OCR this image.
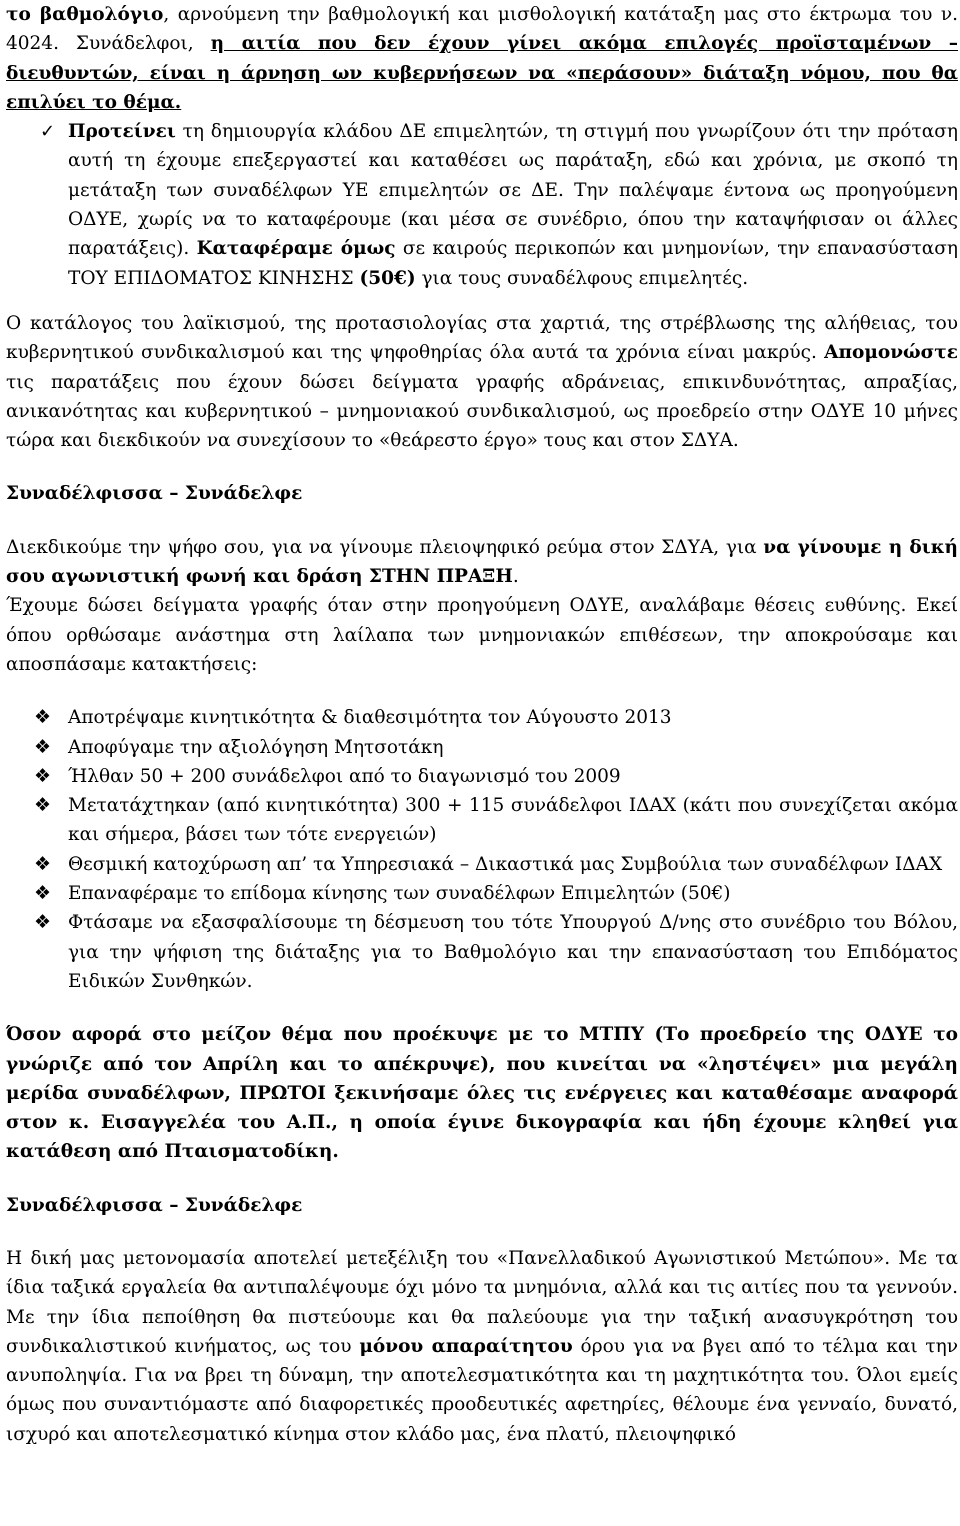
το βαθμολόγιο, αρνούμενη την βαθμολογική και μισθολογική κατάταξη μας στο έκτρωμα του ν. 4024. Συνάδελφοι, η αιτία που δεν έχουν γίνει ακόμα επιλογές προϊσταμένων – διευθυντών, είναι η άρνηση ων κυβερνήσεων να «περάσουν» διάταξη νόμου, που θα επιλύει το θέμα.

✓ Προτείνει τη δημιουργία κλάδου ΔΕ επιμελητών, τη στιγμή που γνωρίζουν ότι την πρόταση αυτή τη έχουμε επεξεργαστεί και καταθέσει ως παράταξη, εδώ και χρόνια, με σκοπό τη μετάταξη των συναδέλφων ΥΕ επιμελητών σε ΔΕ. Την παλέψαμε έντονα ως προηγούμενη ΟΔΥΕ, χωρίς να το καταφέρουμε (και μέσα σε συνέδριο, όπου την καταψήφισαν οι άλλες παρατάξεις). Καταφέραμε όμως σε καιρούς περικοπών και μνημονίων, την επανασύσταση ΤΟΥ ΕΠΙΔΟΜΑΤΟΣ ΚΙΝΗΣΗΣ (50€) για τους συναδέλφους επιμελητές.

Ο κατάλογος του λαϊκισμού, της προτασιολογίας στα χαρτιά, της στρέβλωσης της αλήθειας, του κυβερνητικού συνδικαλισμού και της ψηφοθηρίας όλα αυτά τα χρόνια είναι μακρύς. Απομονώστε τις παρατάξεις που έχουν δώσει δείγματα γραφής αδράνειας, επικινδυνότητας, απραξίας, ανικανότητας και κυβερνητικού – μνημονιακού συνδικαλισμού, ως προεδρείο στην ΟΔΥΕ 10 μήνες τώρα και διεκδικούν να συνεχίσουν το «θεάρεστο έργο» τους και στον ΣΔΥΑ.

Συναδέλφισσα – Συνάδελφε

Διεκδικούμε την ψήφο σου, για να γίνουμε πλειοψηφικό ρεύμα στον ΣΔΥΑ, για να γίνουμε η δική σου αγωνιστική φωνή και δράση ΣΤΗΝ ΠΡΑΞΗ.

Έχουμε δώσει δείγματα γραφής όταν στην προηγούμενη ΟΔΥΕ, αναλάβαμε θέσεις ευθύνης. Εκεί όπου ορθώσαμε ανάστημα στη λαίλαπα των μνημονιακών επιθέσεων, την αποκρούσαμε και αποσπάσαμε κατακτήσεις:

❖ Αποτρέψαμε κινητικότητα & διαθεσιμότητα τον Αύγουστο 2013
❖ Αποφύγαμε την αξιολόγηση Μητσοτάκη
❖ Ήλθαν 50 + 200 συνάδελφοι από το διαγωνισμό του 2009
❖ Μετατάχτηκαν (από κινητικότητα) 300 + 115 συνάδελφοι ΙΔΑΧ (κάτι που συνεχίζεται ακόμα και σήμερα, βάσει των τότε ενεργειών)
❖ Θεσμική κατοχύρωση απ’ τα Υπηρεσιακά – Δικαστικά μας Συμβούλια των συναδέλφων ΙΔΑΧ
❖ Επαναφέραμε το επίδομα κίνησης των συναδέλφων Επιμελητών (50€)
❖ Φτάσαμε να εξασφαλίσουμε τη δέσμευση του τότε Υπουργού Δ/νης στο συνέδριο του Βόλου, για την ψήφιση της διάταξης για το Βαθμολόγιο και την επανασύσταση του Επιδόματος Ειδικών Συνθηκών.

Όσον αφορά στο μείζον θέμα που προέκυψε με το ΜΤΠΥ (Το προεδρείο της ΟΔΥΕ το γνώριζε από τον Απρίλη και το απέκρυψε), που κινείται να «ληστέψει» μια μεγάλη μερίδα συναδέλφων, ΠΡΩΤΟΙ ξεκινήσαμε όλες τις ενέργειες και καταθέσαμε αναφορά στον κ. Εισαγγελέα του Α.Π., η οποία έγινε δικογραφία και ήδη έχουμε κληθεί για κατάθεση από Πταισματοδίκη.

Συναδέλφισσα – Συνάδελφε

Η δική μας μετονομασία αποτελεί μετεξέλιξη του «Πανελλαδικού Αγωνιστικού Μετώπου». Με τα ίδια ταξικά εργαλεία θα αντιπαλέψουμε όχι μόνο τα μνημόνια, αλλά και τις αιτίες που τα γεννούν. Με την ίδια πεποίθηση θα πιστεύουμε και θα παλεύουμε για την ταξική ανασυγκρότηση του συνδικαλιστικού κινήματος, ως του μόνου απαραίτητου όρου για να βγει από το τέλμα και την ανυποληψία. Για να βρει τη δύναμη, την αποτελεσματικότητα και τη μαχητικότητα του. Όλοι εμείς όμως που συναντιόμαστε από διαφορετικές προοδευτικές αφετηρίες, θέλουμε ένα γενναίο, δυνατό, ισχυρό και αποτελεσματικό κίνημα στον κλάδο μας, ένα πλατύ, πλειοψηφικό
